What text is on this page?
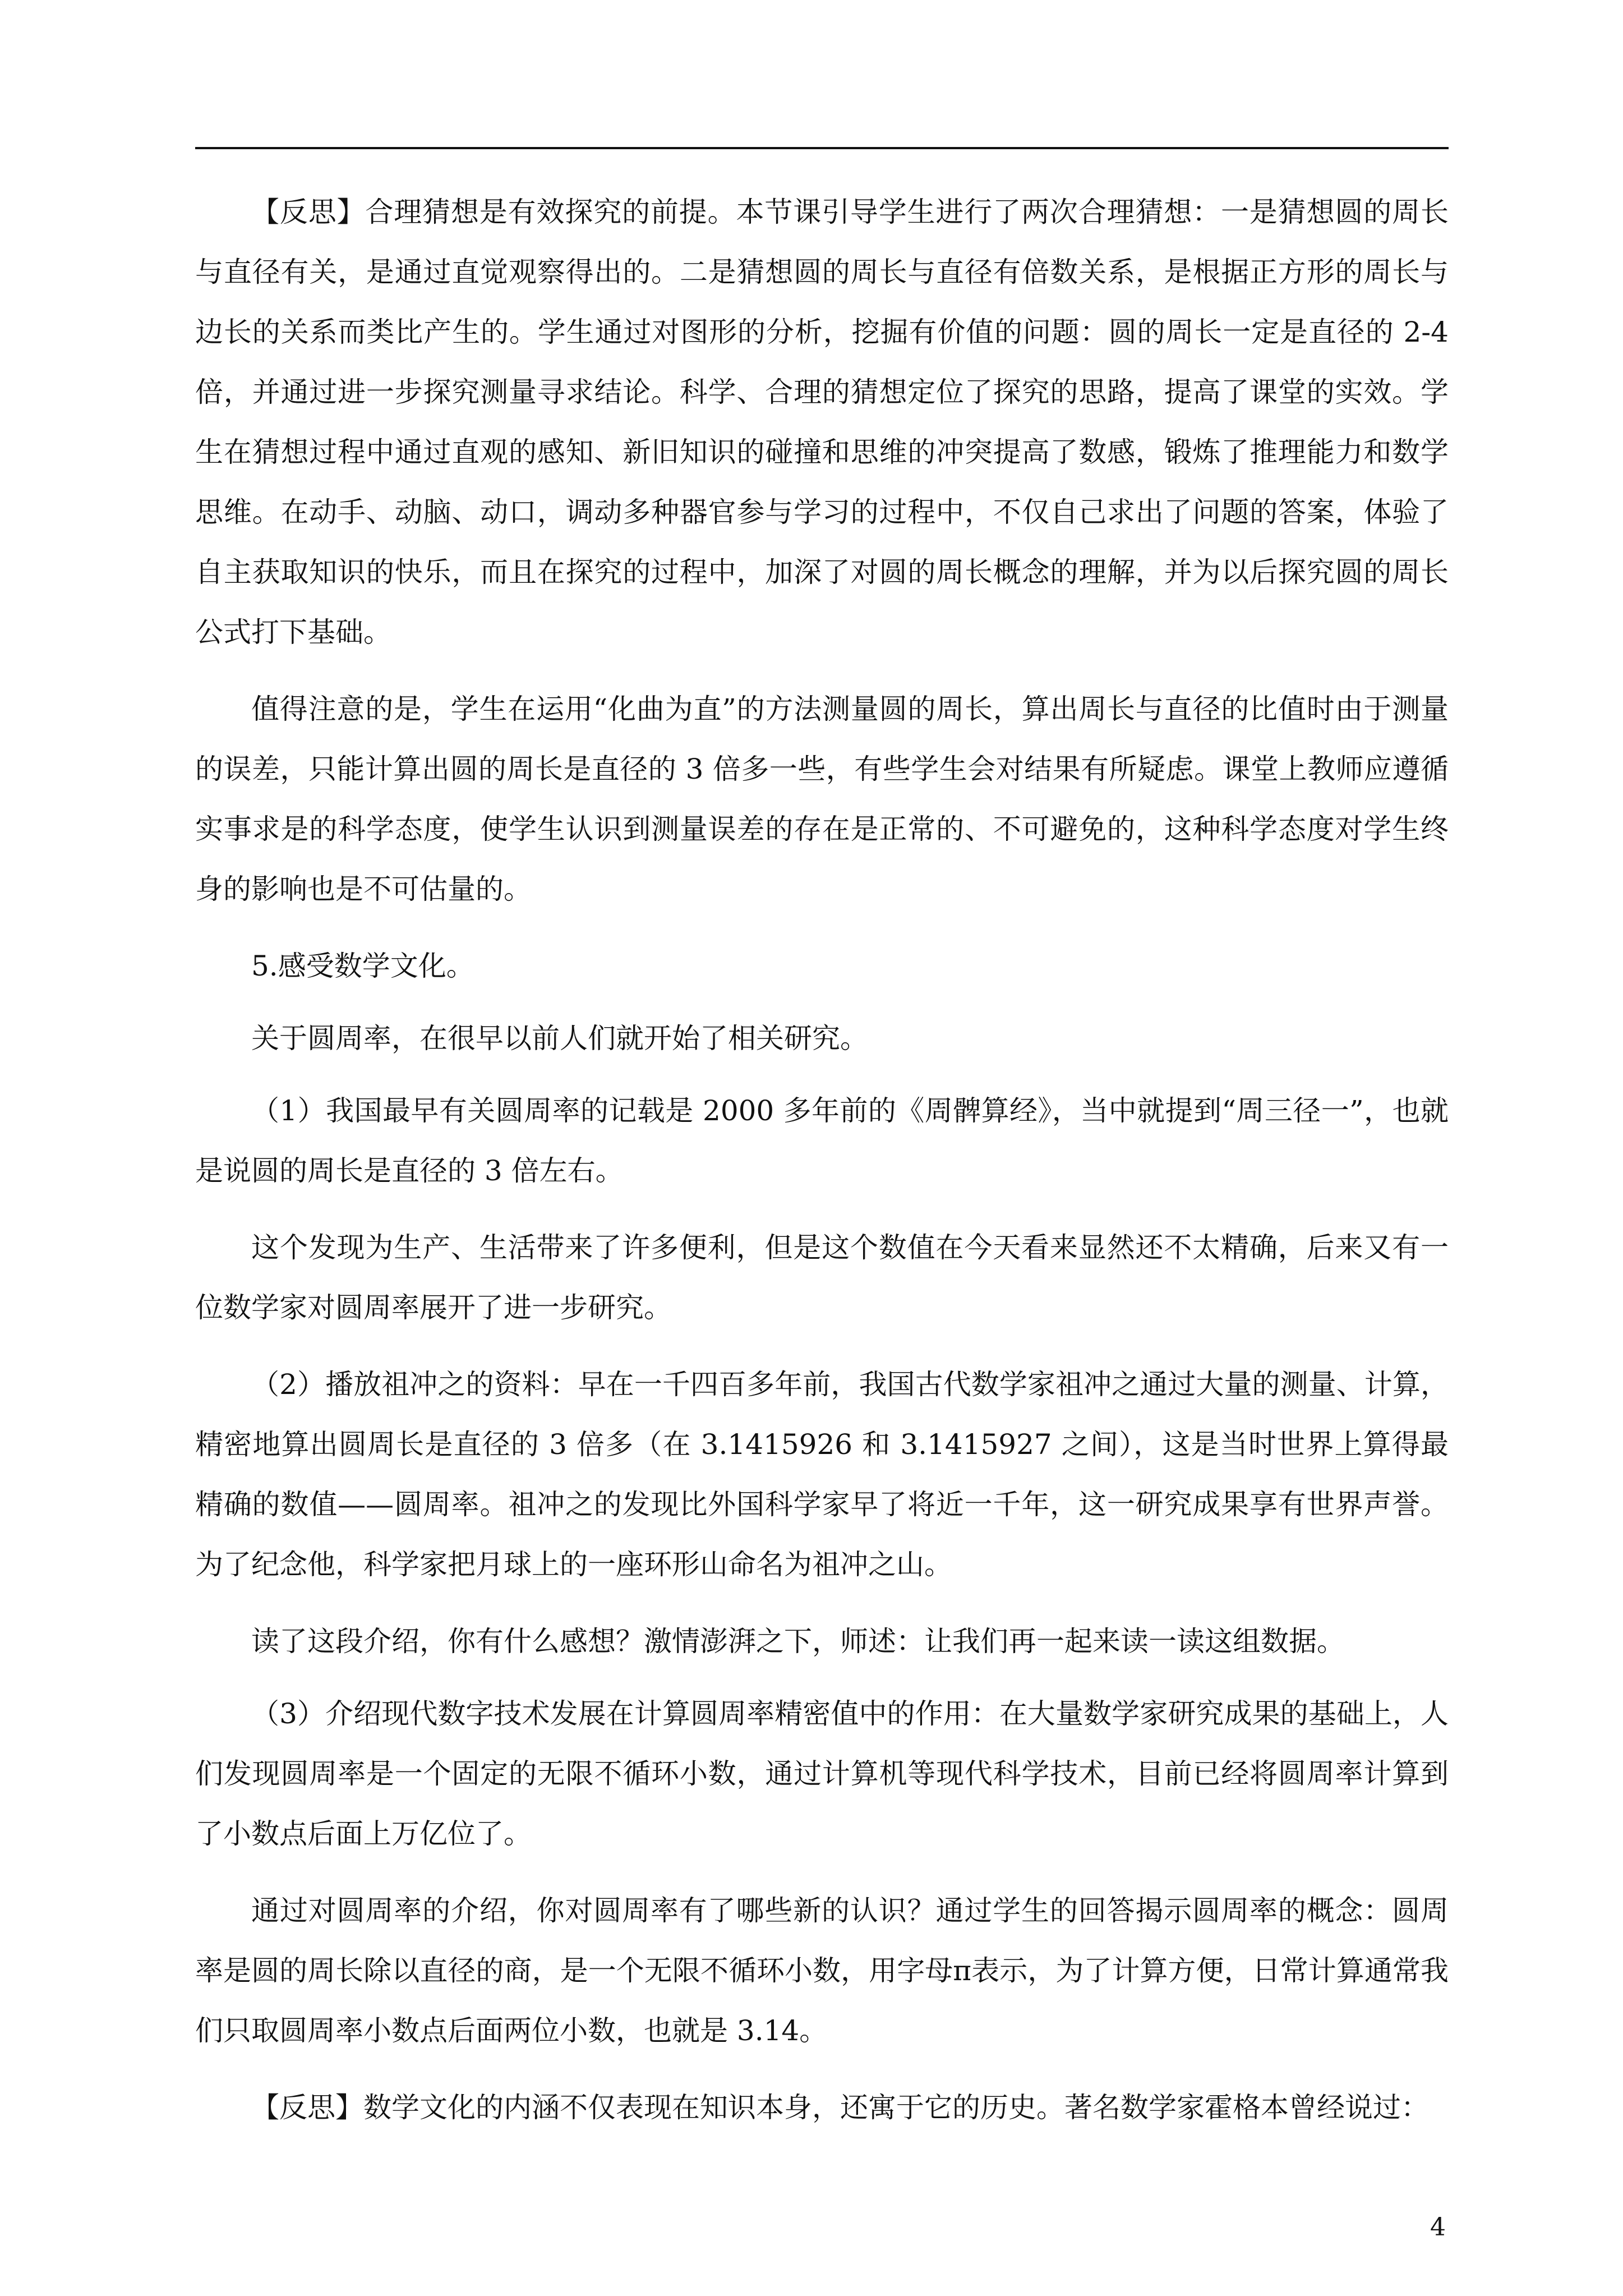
【反思】合理猜想是有效探究的前提。本节课引导学生进行了两次合理猜想：一是猜想圆的周长与直径有关，是通过直觉观察得出的。二是猜想圆的周长与直径有倍数关系，是根据正方形的周长与边长的关系而类比产生的。学生通过对图形的分析，挖掘有价值的问题：圆的周长一定是直径的 2-4 倍，并通过进一步探究测量寻求结论。科学、合理的猜想定位了探究的思路，提高了课堂的实效。学生在猜想过程中通过直观的感知、新旧知识的碰撞和思维的冲突提高了数感，锻炼了推理能力和数学思维。在动手、动脑、动口，调动多种器官参与学习的过程中，不仅自己求出了问题的答案，体验了自主获取知识的快乐，而且在探究的过程中，加深了对圆的周长概念的理解，并为以后探究圆的周长公式打下基础。

值得注意的是，学生在运用“化曲为直”的方法测量圆的周长，算出周长与直径的比值时由于测量的误差，只能计算出圆的周长是直径的 3 倍多一些，有些学生会对结果有所疑虑。课堂上教师应遵循实事求是的科学态度，使学生认识到测量误差的存在是正常的、不可避免的，这种科学态度对学生终身的影响也是不可估量的。

5.感受数学文化。

关于圆周率，在很早以前人们就开始了相关研究。

（1）我国最早有关圆周率的记载是 2000 多年前的《周髀算经》，当中就提到“周三径一”，也就是说圆的周长是直径的 3 倍左右。

这个发现为生产、生活带来了许多便利，但是这个数值在今天看来显然还不太精确，后来又有一位数学家对圆周率展开了进一步研究。

（2）播放祖冲之的资料：早在一千四百多年前，我国古代数学家祖冲之通过大量的测量、计算，精密地算出圆周长是直径的 3 倍多（在 3.1415926 和 3.1415927 之间），这是当时世界上算得最精确的数值——圆周率。祖冲之的发现比外国科学家早了将近一千年，这一研究成果享有世界声誉。为了纪念他，科学家把月球上的一座环形山命名为祖冲之山。

读了这段介绍，你有什么感想？激情澎湃之下，师述：让我们再一起来读一读这组数据。

（3）介绍现代数字技术发展在计算圆周率精密值中的作用：在大量数学家研究成果的基础上，人们发现圆周率是一个固定的无限不循环小数，通过计算机等现代科学技术，目前已经将圆周率计算到了小数点后面上万亿位了。

通过对圆周率的介绍，你对圆周率有了哪些新的认识？通过学生的回答揭示圆周率的概念：圆周率是圆的周长除以直径的商，是一个无限不循环小数，用字母π表示，为了计算方便，日常计算通常我们只取圆周率小数点后面两位小数，也就是 3.14。

【反思】数学文化的内涵不仅表现在知识本身，还寓于它的历史。著名数学家霍格本曾经说过：

4
